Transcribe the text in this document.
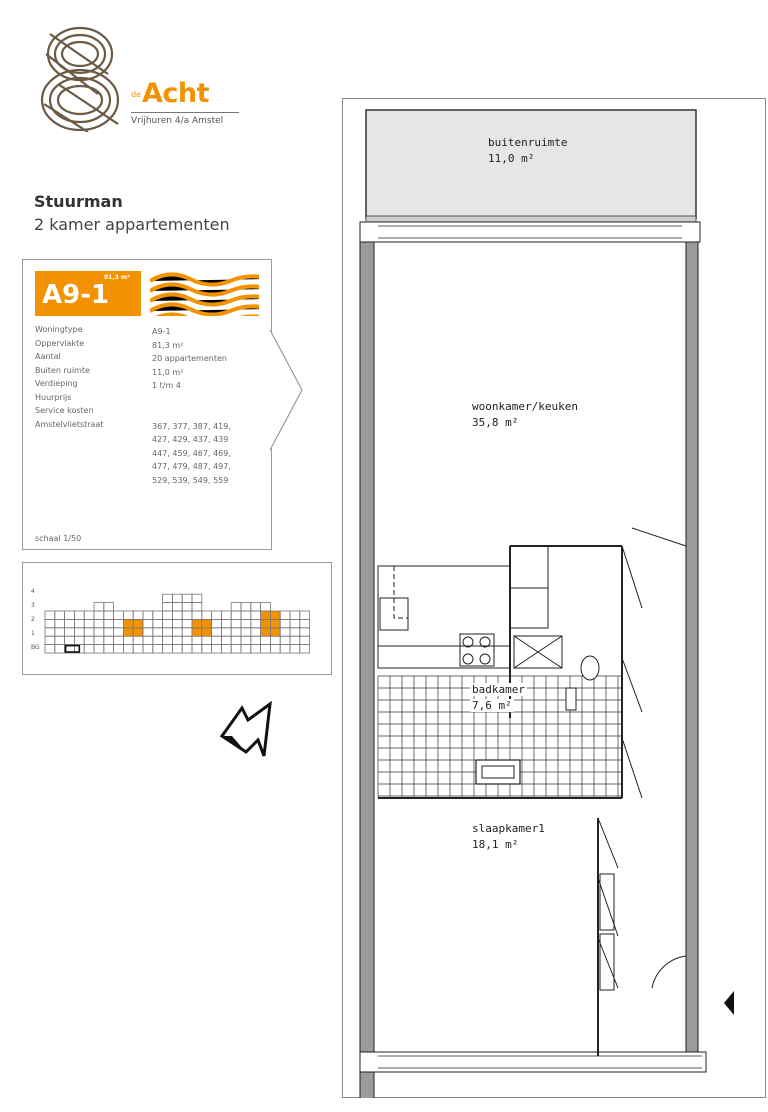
de Acht
Vrijhuren 4/a Amstel
Stuurman
2 kamer appartementen
A9-1
81,3 m²
Woningtype	A9-1
Oppervlakte	81,3 m²
Aantal	20 appartementen
Buiten ruimte	11,0 m²
Verdieping	1 t/m 4
Huurprijs
Service kosten
Amstelvlietstraat	367, 377, 387, 419,
427, 429, 437, 439
447, 459, 467, 469,
477, 479, 487, 497,
529, 539, 549, 559
schaal 1/50
4
3
2
1
BG
buitenruimte
11,0 m²
woonkamer/keuken
35,8 m²
badkamer
7,6 m²
slaapkamer1
18,1 m²
